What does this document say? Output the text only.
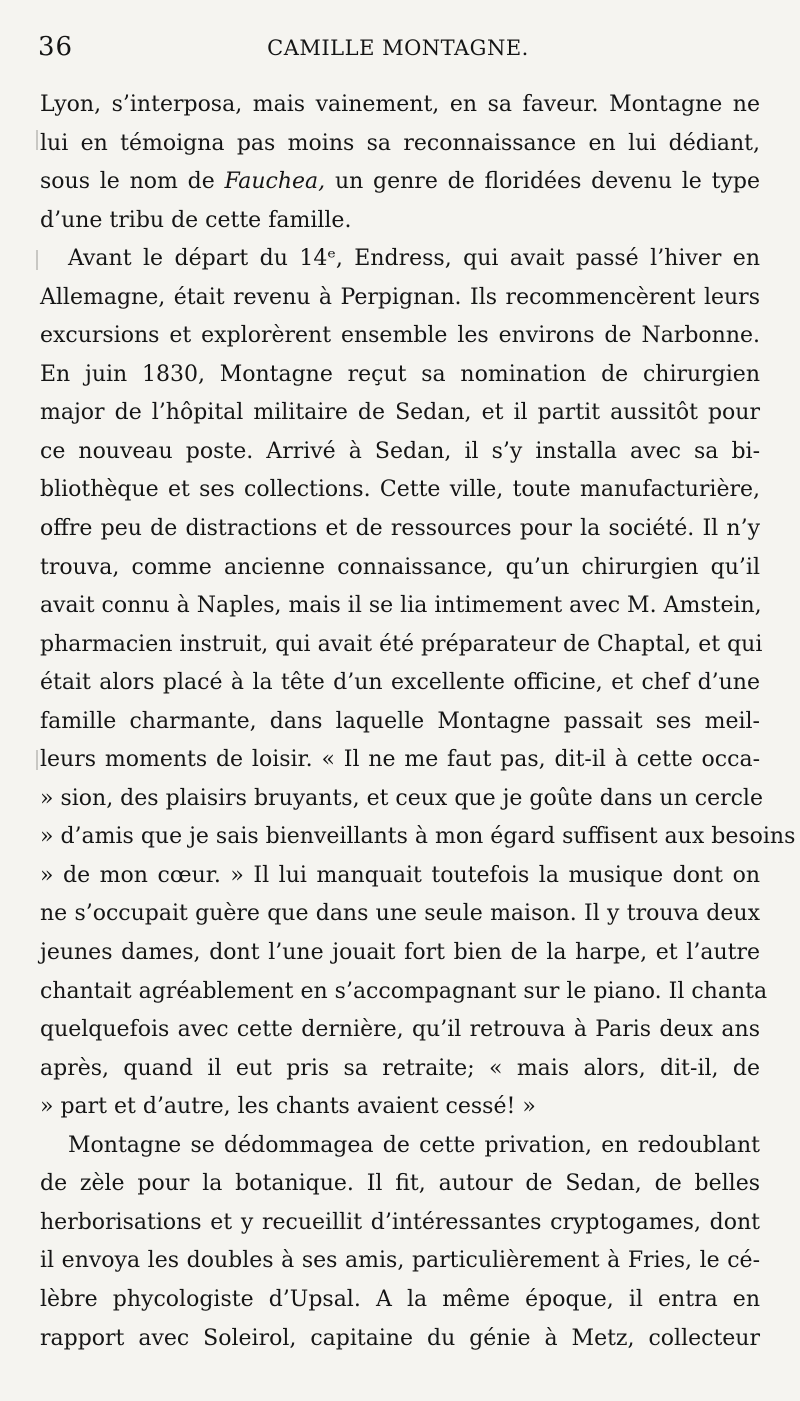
36	CAMILLE MONTAGNE.
Lyon, s’interposa, mais vainement, en sa faveur. Montagne ne
lui en témoigna pas moins sa reconnaissance en lui dédiant,
sous le nom de Fauchea, un genre de floridées devenu le type
d’une tribu de cette famille.
Avant le départ du 14ᵉ, Endress, qui avait passé l’hiver en
Allemagne, était revenu à Perpignan. Ils recommencèrent leurs
excursions et explorèrent ensemble les environs de Narbonne.
En juin 1830, Montagne reçut sa nomination de chirurgien
major de l’hôpital militaire de Sedan, et il partit aussitôt pour
ce nouveau poste. Arrivé à Sedan, il s’y installa avec sa bi-
bliothèque et ses collections. Cette ville, toute manufacturière,
offre peu de distractions et de ressources pour la société. Il n’y
trouva, comme ancienne connaissance, qu’un chirurgien qu’il
avait connu à Naples, mais il se lia intimement avec M. Amstein,
pharmacien instruit, qui avait été préparateur de Chaptal, et qui
était alors placé à la tête d’un excellente officine, et chef d’une
famille charmante, dans laquelle Montagne passait ses meil-
leurs moments de loisir. « Il ne me faut pas, dit-il à cette occa-
» sion, des plaisirs bruyants, et ceux que je goûte dans un cercle
» d’amis que je sais bienveillants à mon égard suffisent aux besoins
» de mon cœur. » Il lui manquait toutefois la musique dont on
ne s’occupait guère que dans une seule maison. Il y trouva deux
jeunes dames, dont l’une jouait fort bien de la harpe, et l’autre
chantait agréablement en s’accompagnant sur le piano. Il chanta
quelquefois avec cette dernière, qu’il retrouva à Paris deux ans
après, quand il eut pris sa retraite; « mais alors, dit-il, de
» part et d’autre, les chants avaient cessé! »
Montagne se dédommagea de cette privation, en redoublant
de zèle pour la botanique. Il fit, autour de Sedan, de belles
herborisations et y recueillit d’intéressantes cryptogames, dont
il envoya les doubles à ses amis, particulièrement à Fries, le cé-
lèbre phycologiste d’Upsal. A la même époque, il entra en
rapport avec Soleirol, capitaine du génie à Metz, collecteur
